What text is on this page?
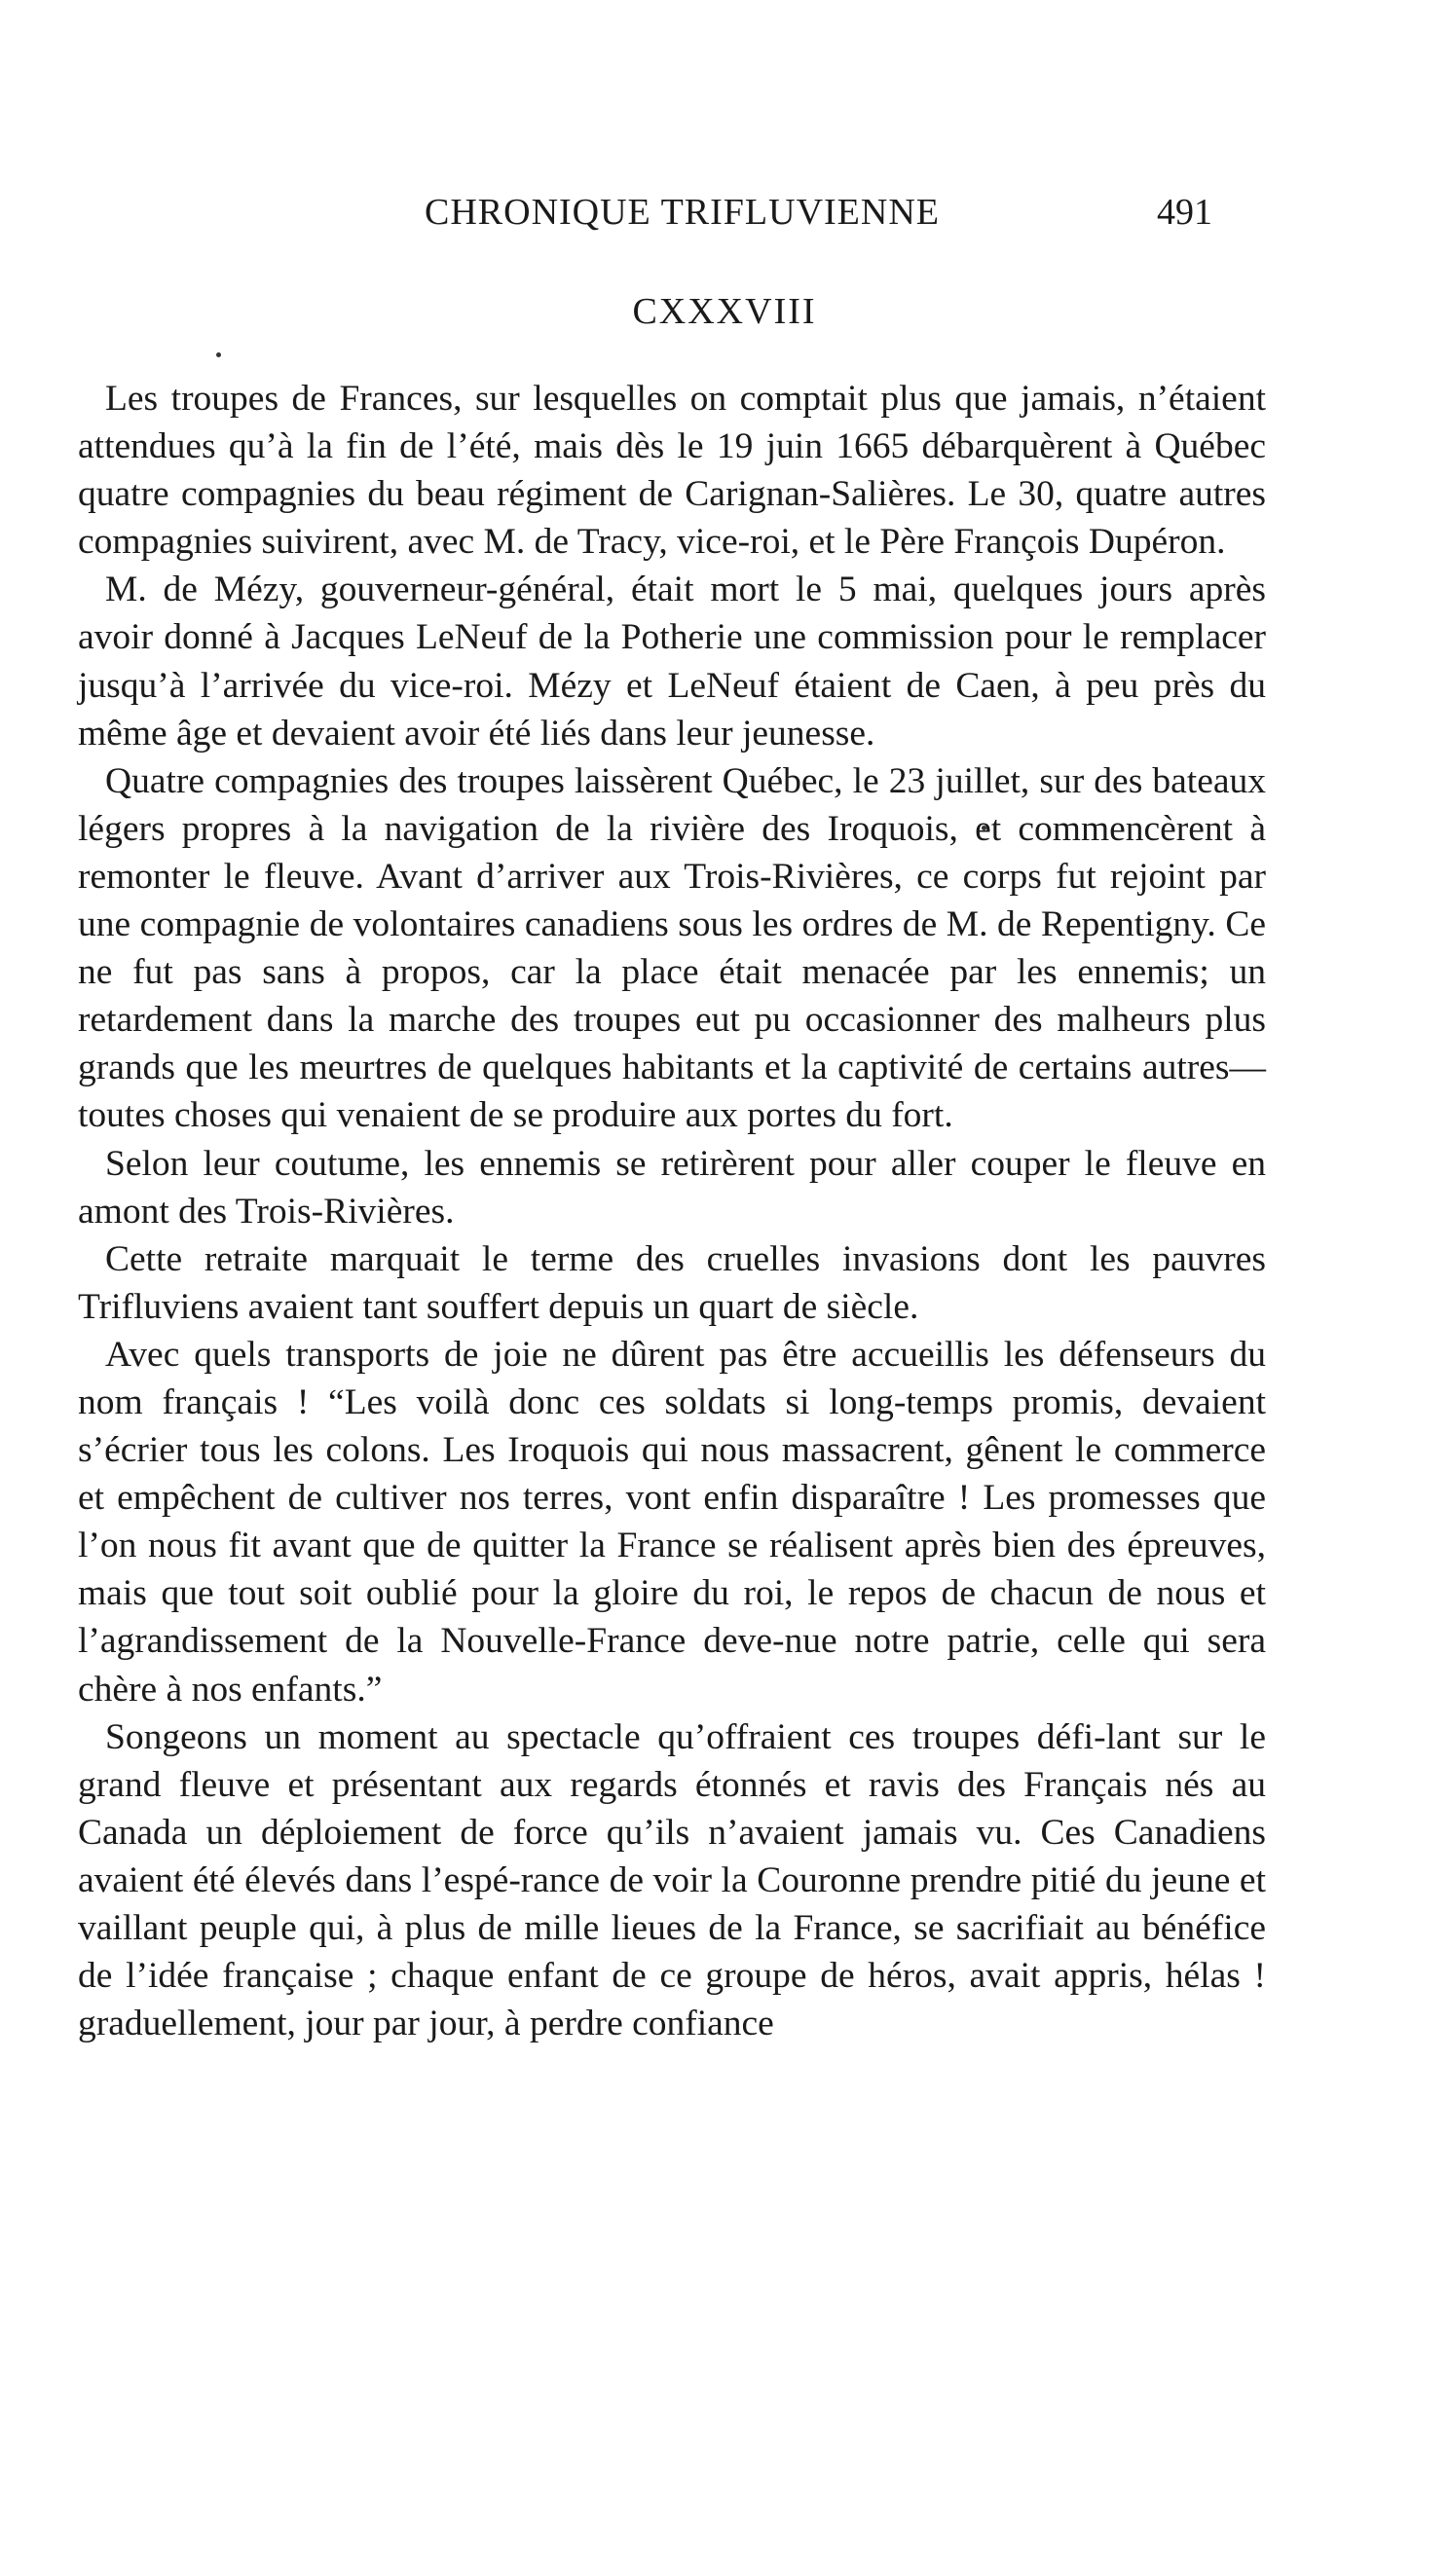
CHRONIQUE TRIFLUVIENNE	491
CXXXVIII

Les troupes de Frances, sur lesquelles on comptait plus que jamais, n’étaient attendues qu’à la fin de l’été, mais dès le 19 juin 1665 débarquèrent à Québec quatre compagnies du beau régiment de Carignan-Salières. Le 30, quatre autres compagnies suivirent, avec M. de Tracy, vice-roi, et le Père François Dupéron.

M. de Mézy, gouverneur-général, était mort le 5 mai, quelques jours après avoir donné à Jacques LeNeuf de la Potherie une commission pour le remplacer jusqu’à l’arrivée du vice-roi. Mézy et LeNeuf étaient de Caen, à peu près du même âge et devaient avoir été liés dans leur jeunesse.

Quatre compagnies des troupes laissèrent Québec, le 23 juillet, sur des bateaux légers propres à la navigation de la rivière des Iroquois, et commencèrent à remonter le fleuve. Avant d’arriver aux Trois-Rivières, ce corps fut rejoint par une compagnie de volontaires canadiens sous les ordres de M. de Repentigny. Ce ne fut pas sans à propos, car la place était menacée par les ennemis; un retardement dans la marche des troupes eut pu occasionner des malheurs plus grands que les meurtres de quelques habitants et la captivité de certains autres—toutes choses qui venaient de se produire aux portes du fort.

Selon leur coutume, les ennemis se retirèrent pour aller couper le fleuve en amont des Trois-Rivières.

Cette retraite marquait le terme des cruelles invasions dont les pauvres Trifluviens avaient tant souffert depuis un quart de siècle.

Avec quels transports de joie ne dûrent pas être accueillis les défenseurs du nom français ! “Les voilà donc ces soldats si long-temps promis, devaient s’écrier tous les colons. Les Iroquois qui nous massacrent, gênent le commerce et empêchent de cultiver nos terres, vont enfin disparaître ! Les promesses que l’on nous fit avant que de quitter la France se réalisent après bien des épreuves, mais que tout soit oublié pour la gloire du roi, le repos de chacun de nous et l’agrandissement de la Nouvelle-France deve-nue notre patrie, celle qui sera chère à nos enfants.”

Songeons un moment au spectacle qu’offraient ces troupes défi-lant sur le grand fleuve et présentant aux regards étonnés et ravis des Français nés au Canada un déploiement de force qu’ils n’avaient jamais vu. Ces Canadiens avaient été élevés dans l’espé-rance de voir la Couronne prendre pitié du jeune et vaillant peuple qui, à plus de mille lieues de la France, se sacrifiait au bénéfice de l’idée française ; chaque enfant de ce groupe de héros, avait appris, hélas ! graduellement, jour par jour, à perdre confiance
